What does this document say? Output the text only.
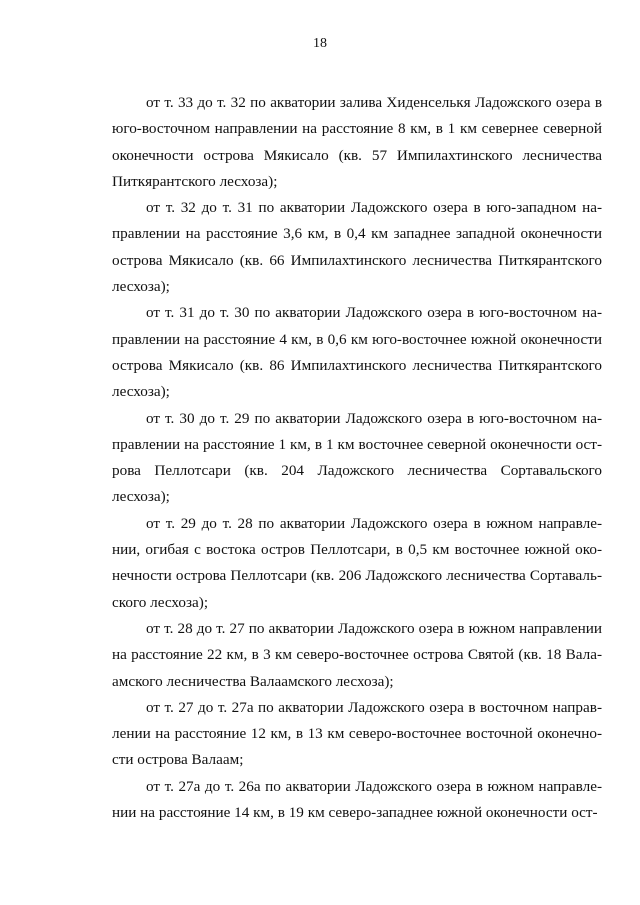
18

от т. 33 до т. 32 по акватории залива Хиденселькя Ладожского озера в юго-восточном направлении на расстояние 8 км, в 1 км севернее северной оконечности острова Мякисало (кв. 57 Импилахтинского лесничества Питкярантского лесхоза);

от т. 32 до т. 31 по акватории Ладожского озера в юго-западном направлении на расстояние 3,6 км, в 0,4 км западнее западной оконечности острова Мякисало (кв. 66 Импилахтинского лесничества Питкярантского лесхоза);

от т. 31 до т. 30 по акватории Ладожского озера в юго-восточном направлении на расстояние 4 км, в 0,6 км юго-восточнее южной оконечности острова Мякисало (кв. 86 Импилахтинского лесничества Питкярантского лесхоза);

от т. 30 до т. 29 по акватории Ладожского озера в юго-восточном направлении на расстояние 1 км, в 1 км восточнее северной оконечности острова Пеллотсари (кв. 204 Ладожского лесничества Сортавальского лесхоза);

от т. 29 до т. 28 по акватории Ладожского озера в южном направлении, огибая с востока остров Пеллотсари, в 0,5 км восточнее южной оконечности острова Пеллотсари (кв. 206 Ладожского лесничества Сортавальского лесхоза);

от т. 28 до т. 27 по акватории Ладожского озера в южном направлении на расстояние 22 км, в 3 км северо-восточнее острова Святой (кв. 18 Валаамского лесничества Валаамского лесхоза);

от т. 27 до т. 27а по акватории Ладожского озера в восточном направлении на расстояние 12 км, в 13 км северо-восточнее восточной оконечности острова Валаам;

от т. 27а до т. 26а по акватории Ладожского озера в южном направлении на расстояние 14 км, в 19 км северо-западнее южной оконечности ост-
